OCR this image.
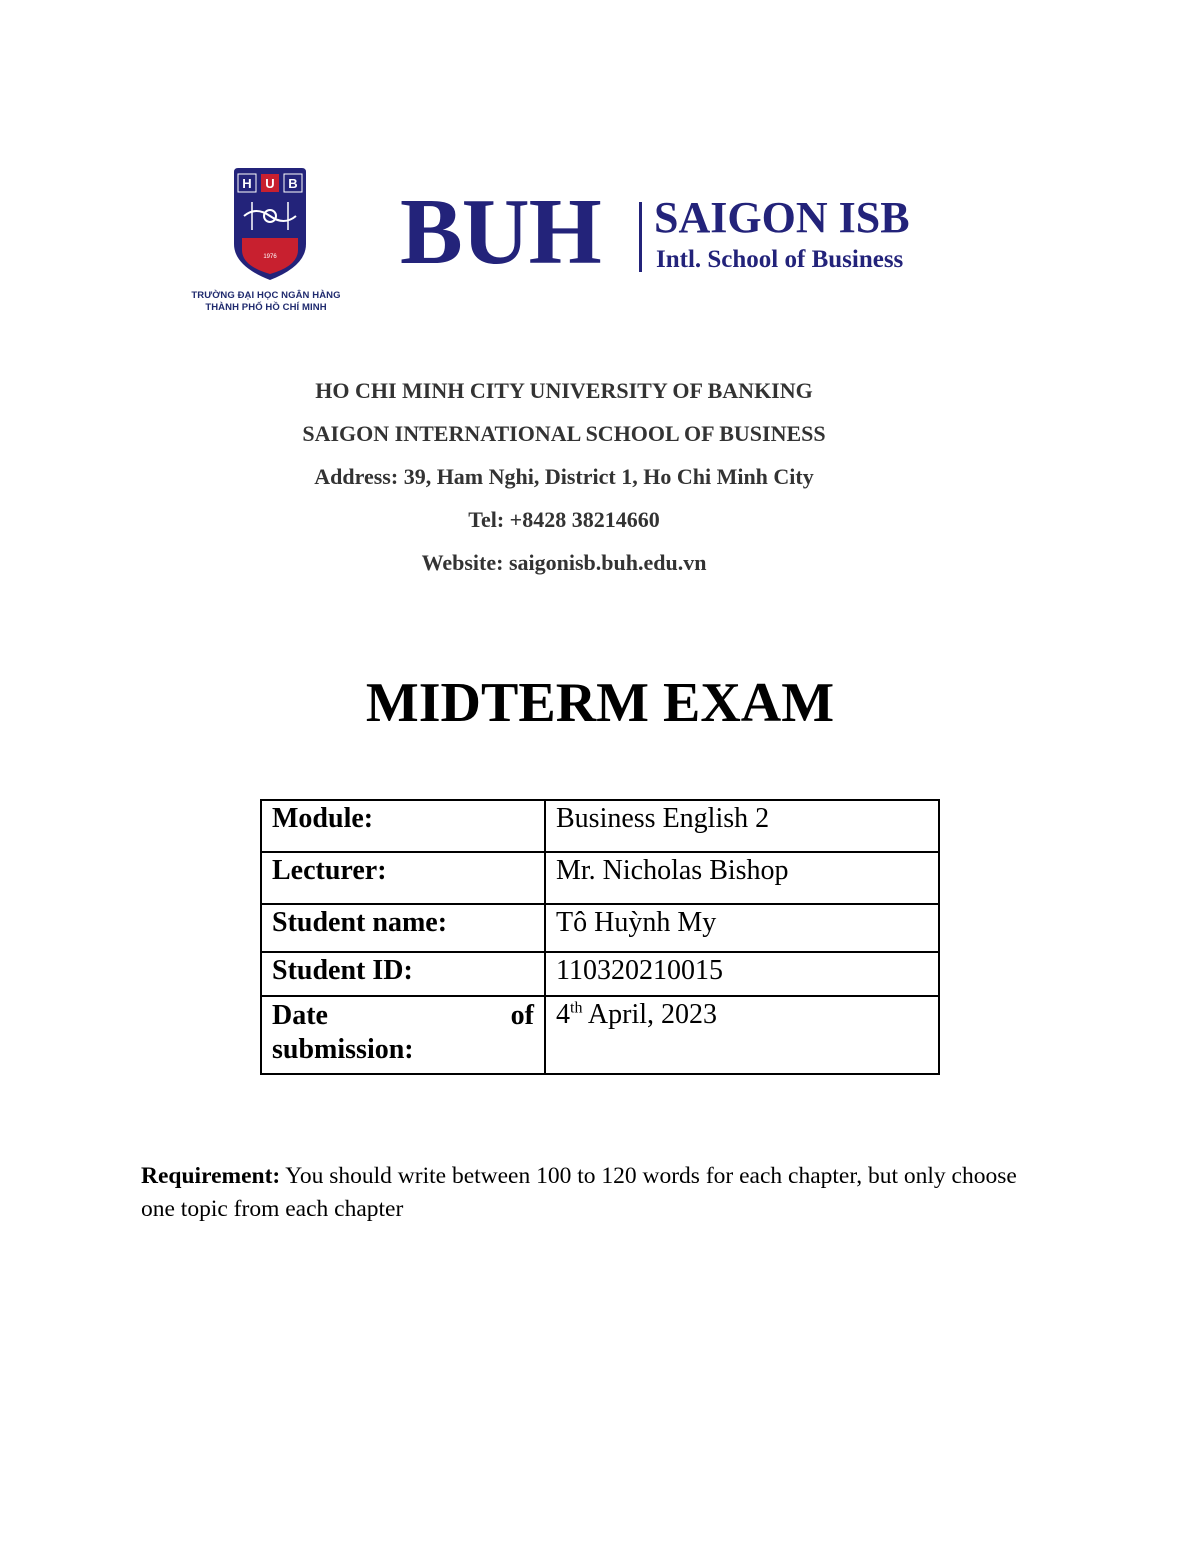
H U B
1976
TRƯỜNG ĐẠI HỌC NGÂN HÀNG
THÀNH PHỐ HỒ CHÍ MINH
BUH SAIGON ISB
Intl. School of Business
HO CHI MINH CITY UNIVERSITY OF BANKING
SAIGON INTERNATIONAL SCHOOL OF BUSINESS
Address: 39, Ham Nghi, District 1, Ho Chi Minh City
Tel: +8428 38214660
Website: saigonisb.buh.edu.vn
MIDTERM EXAM
Module:	Business English 2
Lecturer:	Mr. Nicholas Bishop
Student name:	Tô Huỳnh My
Student ID:	110320210015

Date of
submission:	4th April, 2023
Requirement: You should write between 100 to 120 words for each chapter, but only choose one topic from each chapter
